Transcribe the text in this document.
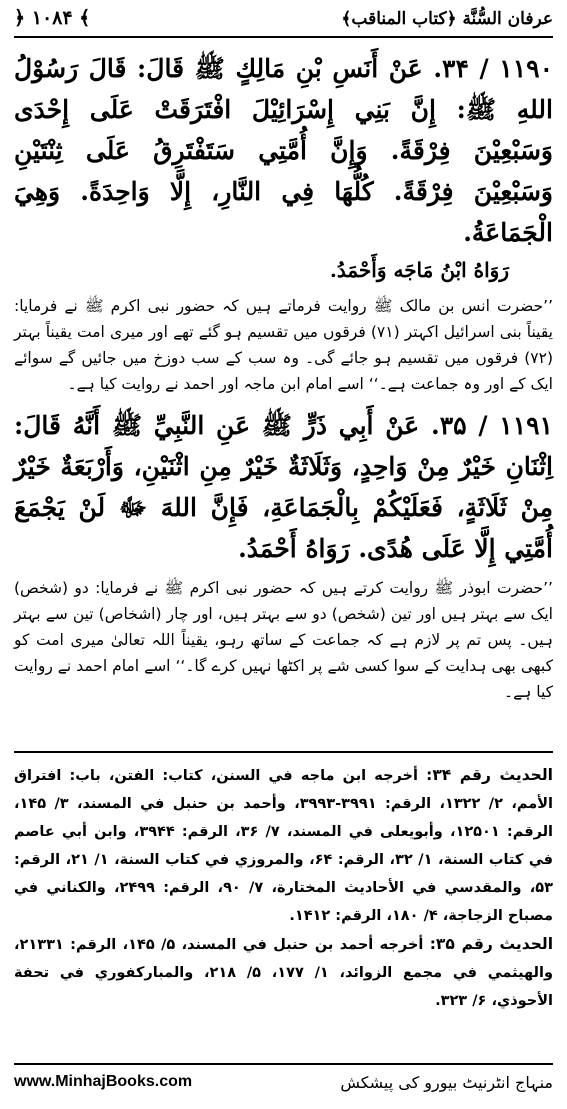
﴿ ۱۰۸۴ ﴾	عرفان السُّنَّة ﴿كتاب المناقب﴾
۱۱۹۰ / ۳۴. عَنْ أَنَسِ بْنِ مَالِكٍ ﷺ قَالَ: قَالَ رَسُوْلُ اللهِ ﷺ: إِنَّ بَنِي إِسْرَائِيْلَ افْتَرَقَتْ عَلَى إِحْدَى وَسَبْعِيْنَ فِرْقَةً. وَإِنَّ أُمَّتِي سَتَفْتَرِقُ عَلَى ثِنْتَيْنِ وَسَبْعِيْنَ فِرْقَةً. كُلُّهَا فِي النَّارِ، إِلَّا وَاحِدَةً. وَهِيَ الْجَمَاعَةُ.
رَوَاهُ ابْنُ مَاجَه وَأَحْمَدُ.
’’حضرت انس بن مالک ﷺ روایت فرماتے ہیں کہ حضور نبی اکرم ﷺ نے فرمایا: یقیناً بنی اسرائیل اکہتر (۷۱) فرقوں میں تقسیم ہو گئے تھے اور میری امت یقیناً بہتر (۷۲) فرقوں میں تقسیم ہو جائے گی۔ وہ سب کے سب دوزخ میں جائیں گے سوائے ایک کے اور وہ جماعت ہے۔‘‘ اسے امام ابن ماجہ اور احمد نے روایت کیا ہے۔
۱۱۹۱ / ۳۵. عَنْ أَبِي ذَرٍّ ﷺ عَنِ النَّبِيِّ ﷺ أَنَّهُ قَالَ: اِثْنَانِ خَيْرٌ مِنْ وَاحِدٍ، وَثَلَاثَةٌ خَيْرٌ مِنِ اثْنَيْنِ، وَأَرْبَعَةٌ خَيْرٌ مِنْ ثَلَاثَةٍ، فَعَلَيْكُمْ بِالْجَمَاعَةِ، فَإِنَّ اللهَ ﷻ لَنْ يَجْمَعَ أُمَّتِي إِلَّا عَلَى هُدًى. رَوَاهُ أَحْمَدُ.
’’حضرت ابوذر ﷺ روایت کرتے ہیں کہ حضور نبی اکرم ﷺ نے فرمایا: دو (شخص) ایک سے بہتر ہیں اور تین (شخص) دو سے بہتر ہیں، اور چار (اشخاص) تین سے بہتر ہیں۔ پس تم پر لازم ہے کہ جماعت کے ساتھ رہو، یقیناً اللہ تعالیٰ میری امت کو کبھی بھی ہدایت کے سوا کسی شے پر اکٹھا نہیں کرے گا۔‘‘ اسے امام احمد نے روایت کیا ہے۔
الحديث رقم ۳۴: أخرجه ابن ماجه في السنن، كتاب: الفتن، باب: افتراق الأمم، ۲/ ۱۳۲۲، الرقم: ۳۹۹۱-۳۹۹۳، وأحمد بن حنبل في المسند، ۳/ ۱۴۵، الرقم: ۱۲۵۰۱، وأبويعلى في المسند، ۷/ ۳۶، الرقم: ۳۹۴۴، وابن أبي عاصم في كتاب السنة، ۱/ ۳۲، الرقم: ۶۴، والمروزي في كتاب السنة، ۱/ ۲۱، الرقم: ۵۳، والمقدسي في الأحاديث المختارة، ۷/ ۹۰، الرقم: ۲۴۹۹، والكناني في مصباح الزجاجة، ۴/ ۱۸۰، الرقم: ۱۴۱۲.
الحديث رقم ۳۵: أخرجه أحمد بن حنبل في المسند، ۵/ ۱۴۵، الرقم: ۲۱۳۳۱، والهيثمي في مجمع الزوائد، ۱/ ۱۷۷، ۵/ ۲۱۸، والمباركفوري في تحفة الأحوذي، ۶/ ۳۲۳.
www.MinhajBooks.com	منہاج انٹرنیٹ بیورو کی پیشکش
